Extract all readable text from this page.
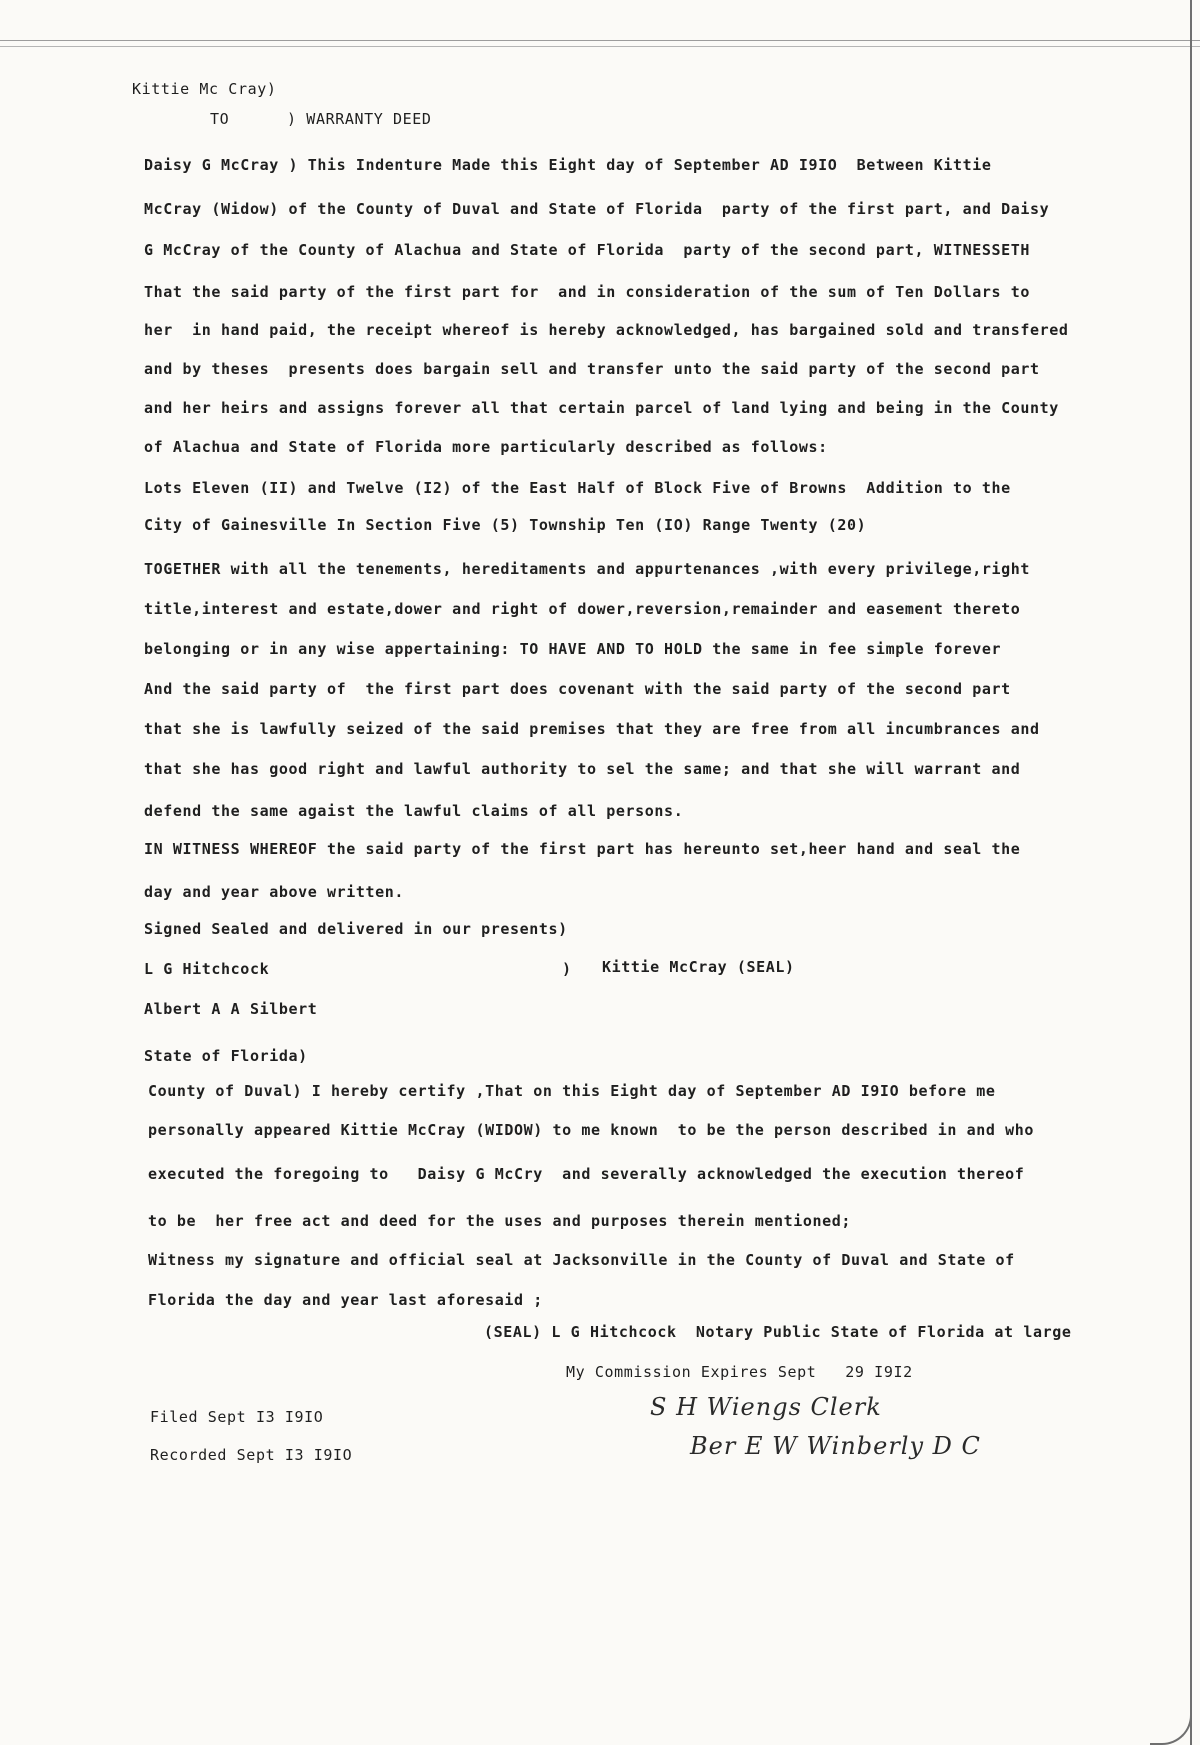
Kittie Mc Cray)
TO      ) WARRANTY DEED
Daisy G McCray ) This Indenture Made this Eight day of September AD I9IO  Between Kittie
McCray (Widow) of the County of Duval and State of Florida  party of the first part, and Daisy
G McCray of the County of Alachua and State of Florida  party of the second part, WITNESSETH
That the said party of the first part for  and in consideration of the sum of Ten Dollars to
her  in hand paid, the receipt whereof is hereby acknowledged, has bargained sold and transfered
and by theses  presents does bargain sell and transfer unto the said party of the second part
and her heirs and assigns forever all that certain parcel of land lying and being in the County
of Alachua and State of Florida more particularly described as follows:
Lots Eleven (II) and Twelve (I2) of the East Half of Block Five of Browns  Addition to the
City of Gainesville In Section Five (5) Township Ten (IO) Range Twenty (20)
TOGETHER with all the tenements, hereditaments and appurtenances ,with every privilege,right
title,interest and estate,dower and right of dower,reversion,remainder and easement thereto
belonging or in any wise appertaining: TO HAVE AND TO HOLD the same in fee simple forever
And the said party of  the first part does covenant with the said party of the second part
that she is lawfully seized of the said premises that they are free from all incumbrances and
that she has good right and lawful authority to sel the same; and that she will warrant and
defend the same agaist the lawful claims of all persons.
IN WITNESS WHEREOF the said party of the first part has hereunto set,heer hand and seal the
day and year above written.
Signed Sealed and delivered in our presents)
L G Hitchcock	) Kittie McCray (SEAL)
Albert A A Silbert
State of Florida)
County of Duval) I hereby certify ,That on this Eight day of September AD I9IO before me
personally appeared Kittie McCray (WIDOW) to me known  to be the person described in and who
executed the foregoing to   Daisy G McCry  and severally acknowledged the execution thereof
to be  her free act and deed for the uses and purposes therein mentioned;
Witness my signature and official seal at Jacksonville in the County of Duval and State of
Florida the day and year last aforesaid ;
(SEAL) L G Hitchcock  Notary Public State of Florida at large
My Commission Expires Sept   29 I9I2
Filed Sept I3 I9IO
Recorded Sept I3 I9IO
S H Wiengs Clerk
Ber E W Winberly D C
